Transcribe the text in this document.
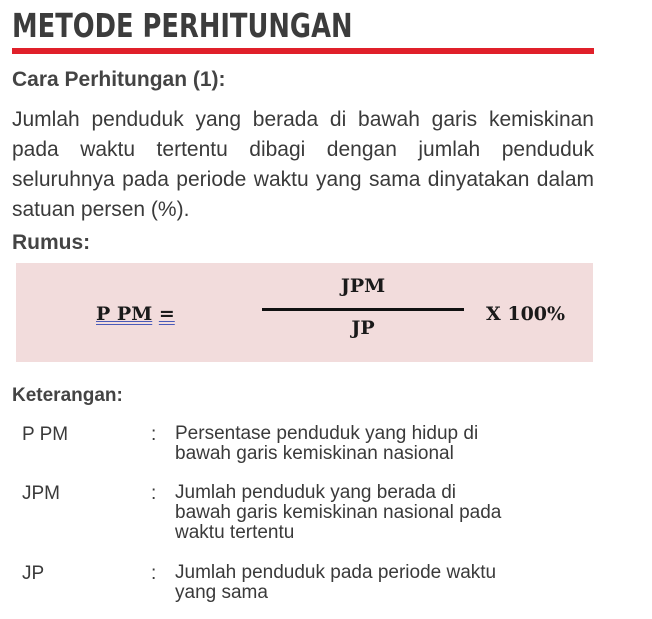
METODE PERHITUNGAN
Cara Perhitungan (1):
Jumlah penduduk yang berada di bawah garis kemiskinan pada waktu tertentu dibagi dengan jumlah penduduk seluruhnya pada periode waktu yang sama dinyatakan dalam satuan persen (%).
Rumus:
P PM =
JPM
JP
X 100%
Keterangan:
P PM	: Persentase penduduk yang hidup di
bawah garis kemiskinan nasional
JPM	: Jumlah penduduk yang berada di
bawah garis kemiskinan nasional pada
waktu tertentu
JP	: Jumlah penduduk pada periode waktu
yang sama
